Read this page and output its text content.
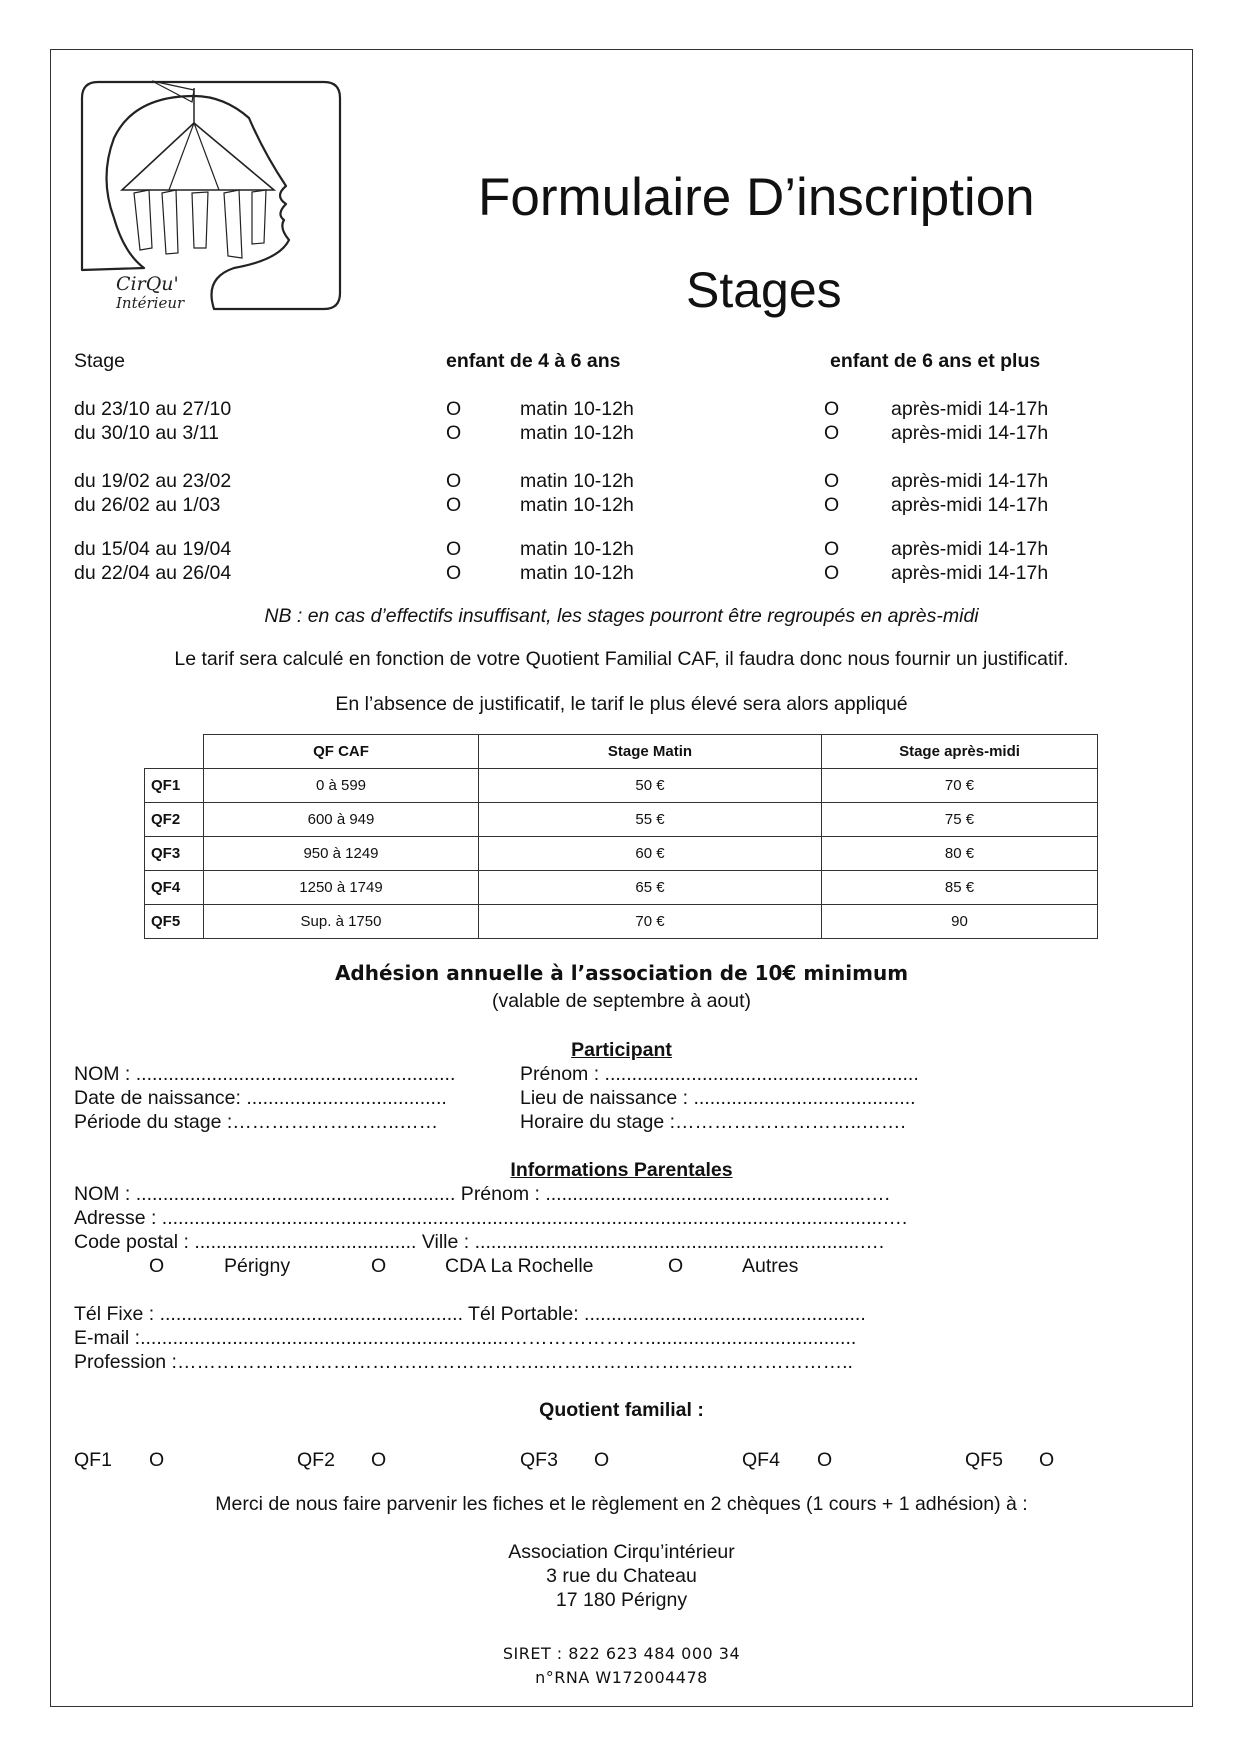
CirQu'
Intérieur
Formulaire D’inscription
Stages
Stage	enfant de 4 à 6 ans	enfant de 6 ans et plus
du 23/10 au 27/10	O	matin 10-12h	O	après-midi 14-17h
du 30/10 au 3/11	O	matin 10-12h	O	après-midi 14-17h
du 19/02 au 23/02	O	matin 10-12h	O	après-midi 14-17h
du 26/02 au 1/03	O	matin 10-12h	O	après-midi 14-17h
du 15/04 au 19/04	O	matin 10-12h	O	après-midi 14-17h
du 22/04 au 26/04	O	matin 10-12h	O	après-midi 14-17h
NB : en cas d’effectifs insuffisant, les stages pourront être regroupés en après-midi
Le tarif sera calculé en fonction de votre Quotient Familial CAF, il faudra donc nous fournir un justificatif.
En l’absence de justificatif, le tarif le plus élevé sera alors appliqué
	QF CAF	Stage Matin	Stage après-midi
QF1	0 à 599	50 €	70 €
QF2	600 à 949	55 €	75 €
QF3	950 à 1249	60 €	80 €
QF4	1250 à 1749	65 €	85 €
QF5	Sup. à 1750	70 €	90
Adhésion annuelle à l’association de 10€ minimum
(valable de septembre à aout)
Participant
NOM : ...........................................................	Prénom : ..........................................................
Date de naissance: .....................................	Lieu de naissance : .........................................
Période du stage :……………………..……	Horaire du stage :………………………..…….
Informations Parentales
NOM : ........................................................... Prénom : ...........................................................….
Adresse : .....................................................................................................................................….
Code postal : ......................................... Ville : .......................................................................….
O	Périgny	O	CDA La Rochelle	O	Autres
Tél Fixe : ........................................................ Tél Portable: ....................................................
E-mail :....................................................................………………….......................................
Profession :……………………………….………………..…………………….…………………..
Quotient familial :
QF1 O	QF2 O	QF3 O	QF4 O	QF5 O
Merci de nous faire parvenir les fiches et le règlement en 2 chèques (1 cours + 1 adhésion) à :
Association Cirqu’intérieur
3 rue du Chateau
17 180 Périgny
SIRET : 822 623 484 000 34
n°RNA W172004478
